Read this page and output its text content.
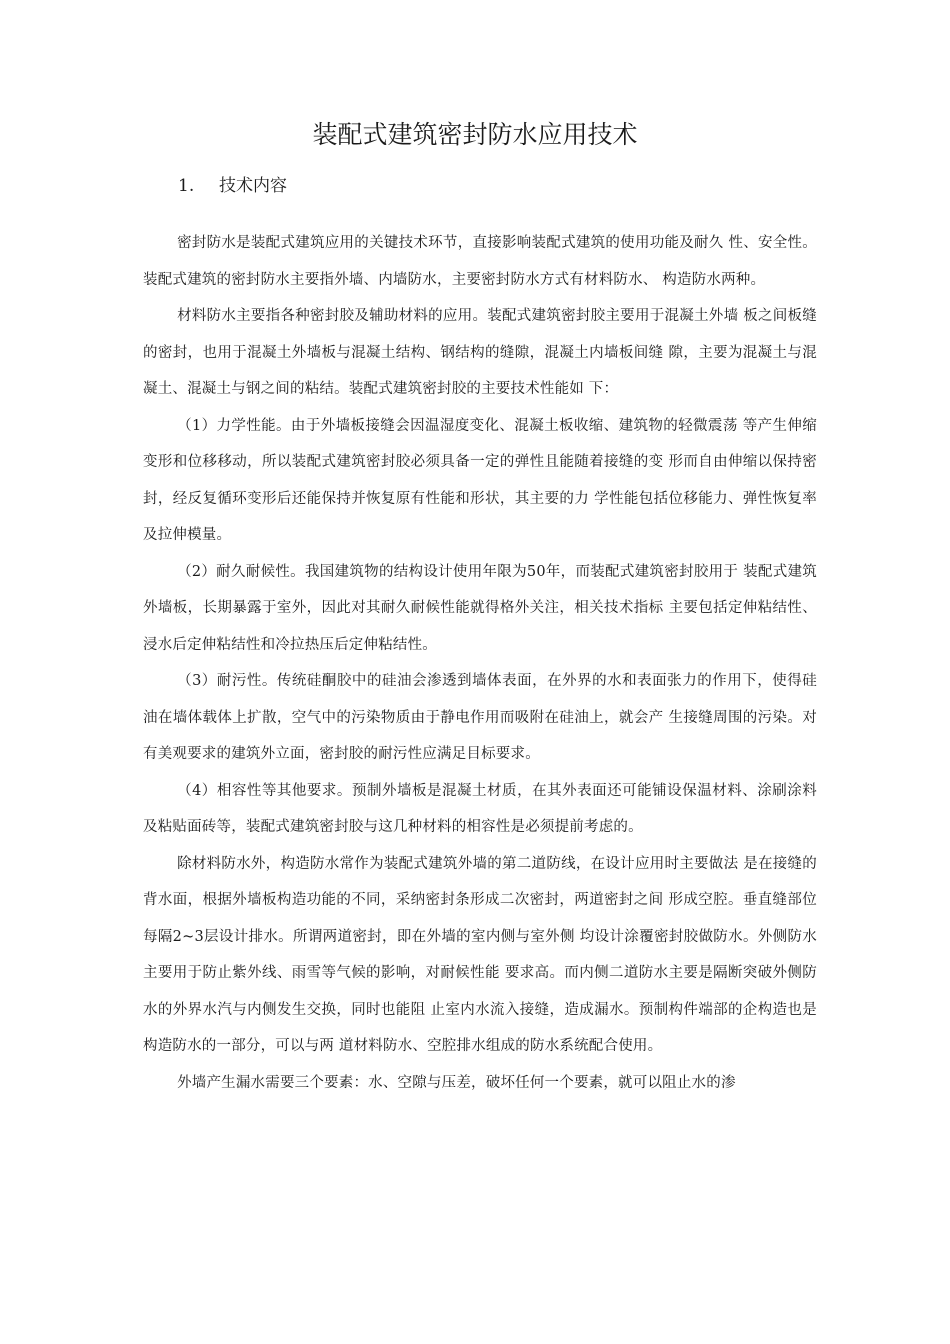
装配式建筑密封防水应用技术
1. 技术内容

密封防水是装配式建筑应用的关键技术环节，直接影响装配式建筑的使用功能及耐久 性、安全性。装配式建筑的密封防水主要指外墙、内墙防水，主要密封防水方式有材料防水、 构造防水两种。

材料防水主要指各种密封胶及辅助材料的应用。装配式建筑密封胶主要用于混凝土外墙 板之间板缝的密封，也用于混凝土外墙板与混凝土结构、钢结构的缝隙，混凝土内墙板间缝 隙，主要为混凝土与混凝土、混凝土与钢之间的粘结。装配式建筑密封胶的主要技术性能如 下：

（1）力学性能。由于外墙板接缝会因温湿度变化、混凝土板收缩、建筑物的轻微震荡 等产生伸缩变形和位移移动，所以装配式建筑密封胶必须具备一定的弹性且能随着接缝的变 形而自由伸缩以保持密封，经反复循环变形后还能保持并恢复原有性能和形状，其主要的力 学性能包括位移能力、弹性恢复率及拉伸模量。

（2）耐久耐候性。我国建筑物的结构设计使用年限为50年，而装配式建筑密封胶用于 装配式建筑外墙板，长期暴露于室外，因此对其耐久耐候性能就得格外关注，相关技术指标 主要包括定伸粘结性、浸水后定伸粘结性和冷拉热压后定伸粘结性。

（3）耐污性。传统硅酮胶中的硅油会渗透到墙体表面，在外界的水和表面张力的作用下，使得硅油在墙体载体上扩散，空气中的污染物质由于静电作用而吸附在硅油上，就会产 生接缝周围的污染。对有美观要求的建筑外立面，密封胶的耐污性应满足目标要求。

（4）相容性等其他要求。预制外墙板是混凝土材质，在其外表面还可能铺设保温材料、涂刷涂料及粘贴面砖等，装配式建筑密封胶与这几种材料的相容性是必须提前考虑的。

除材料防水外，构造防水常作为装配式建筑外墙的第二道防线，在设计应用时主要做法 是在接缝的背水面，根据外墙板构造功能的不同，采纳密封条形成二次密封，两道密封之间 形成空腔。垂直缝部位每隔2~3层设计排水。所谓两道密封，即在外墙的室内侧与室外侧 均设计涂覆密封胶做防水。外侧防水主要用于防止紫外线、雨雪等气候的影响，对耐候性能 要求高。而内侧二道防水主要是隔断突破外侧防水的外界水汽与内侧发生交换，同时也能阻 止室内水流入接缝，造成漏水。预制构件端部的企构造也是构造防水的一部分，可以与两 道材料防水、空腔排水组成的防水系统配合使用。

外墙产生漏水需要三个要素：水、空隙与压差，破坏任何一个要素，就可以阻止水的渗
